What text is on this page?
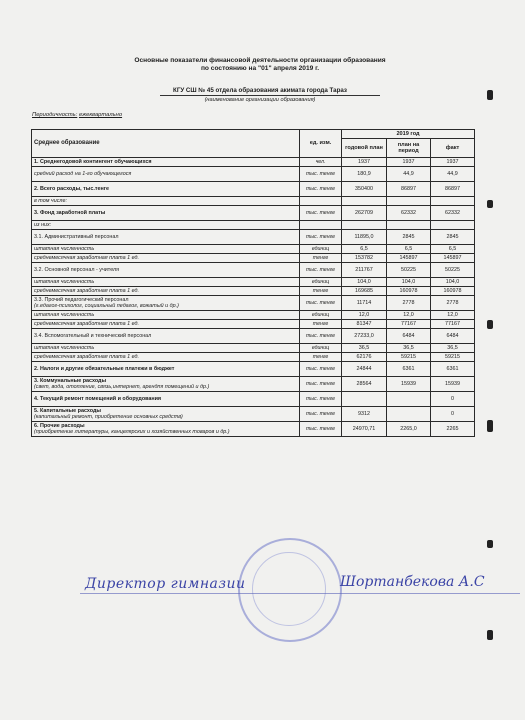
Основные показатели финансовой деятельности организации образования
по состоянию на "01" апреля 2019 г.
КГУ СШ № 45 отдела образования акимата города Тараз
(наименование организации образования)
Периодичность: ежеквартально
Среднее образование	ед. изм.	2019 год		
		годовой план	план на период	факт
1. Среднегодовой контингент обучающихся	чел.	1937	1937	1937
средний расход на 1-го обучающегося	тыс. тенге	180,9	44,9	44,9
2. Всего расходы, тыс.тенге	тыс. тенге	350400	86897	86897
в том числе:				
3. Фонд заработной платы	тыс. тенге	262709	62332	62332
из них:				
3.1. Административный персонал	тыс. тенге	11895,0	2845	2845
штатная численность	единиц	6,5	6,5	6,5
среднемесячная заработная плата 1 ед.	тенге	153782	145897	145897
3.2. Основной персонал - учителя	тыс. тенге	211767	50225	50225
штатная численность	единиц	104,0	104,0	104,0
среднемесячная заработная плата 1 ед.	тенге	169685	160978	160978
3.3. Прочий педагогический персонал
(г.едагог-психолог, социальный педагог, вожатый и др.)	тыс. тенге	11714	2778	2778
штатная численность	единиц	12,0	12,0	12,0
среднемесячная заработная плата 1 ед.	тенге	81347	77167	77167
3.4. Вспомогательный и технический персонал	тыс. тенге	27233,0	6484	6484
штатная численность	единиц	36,5	36,5	36,5
среднемесячная заработная плата 1 ед.	тенге	62176	59215	59215
2. Налоги и другие обязательные платежи в бюджет	тыс. тенге	24844	6361	6361
3. Коммунальные расходы
(свет, вода, отопление, связь,интернет, арендпя помещений и др.)	тыс. тенге	28564	15939	15939
4. Текущий ремонт помещений и оборудования	тыс. тенге			0
5. Капитальные расходы
(капитальный ремонт, приобретение основных средств)	тыс. тенге	9312		0
6. Прочие расходы
(приобретение литературы, канцелярских и хозяйственных товаров и др.)	тыс. тенге	24970,71	2265,0	2265
Директор гимназии	Шортанбекова А.С
